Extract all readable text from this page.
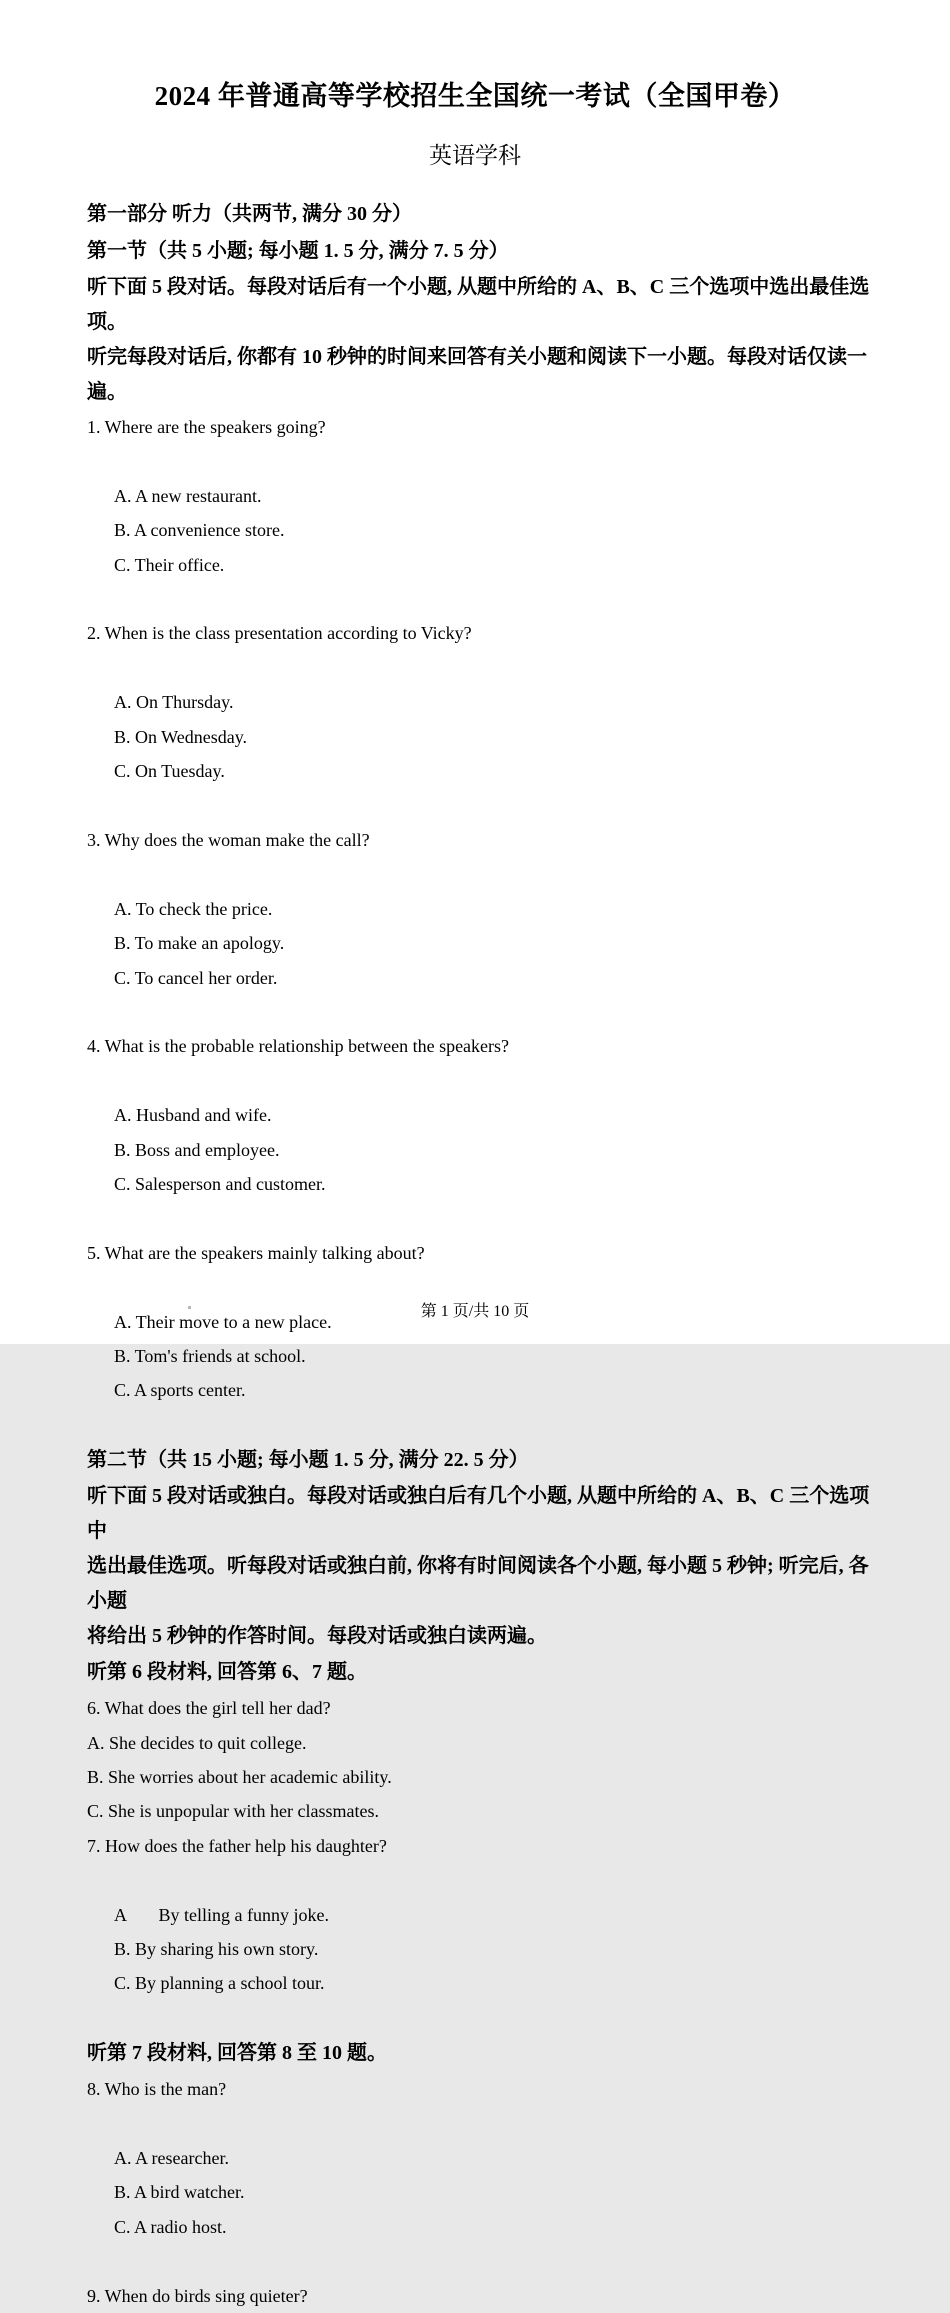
2024 年普通高等学校招生全国统一考试（全国甲卷）
英语学科
第一部分 听力（共两节, 满分 30 分）
第一节（共 5 小题; 每小题 1. 5 分, 满分 7. 5 分）

听下面 5 段对话。每段对话后有一个小题, 从题中所给的 A、B、C 三个选项中选出最佳选项。

听完每段对话后, 你都有 10 秒钟的时间来回答有关小题和阅读下一小题。每段对话仅读一遍。

1. Where are the speakers going?

A. A new restaurant.
B. A convenience store.
C. Their office.

2. When is the class presentation according to Vicky?

A. On Thursday.
B. On Wednesday.
C. On Tuesday.

3. Why does the woman make the call?

A. To check the price.
B. To make an apology.
C. To cancel her order.

4. What is the probable relationship between the speakers?

A. Husband and wife.
B. Boss and employee.
C. Salesperson and customer.

5. What are the speakers mainly talking about?

A. Their move to a new place.
B. Tom's friends at school.
C. A sports center.

第二节（共 15 小题; 每小题 1. 5 分, 满分 22. 5 分）

听下面 5 段对话或独白。每段对话或独白后有几个小题, 从题中所给的 A、B、C 三个选项中

选出最佳选项。听每段对话或独白前, 你将有时间阅读各个小题, 每小题 5 秒钟; 听完后, 各小题

将给出 5 秒钟的作答时间。每段对话或独白读两遍。

听第 6 段材料, 回答第 6、7 题。
6. What does the girl tell her dad?
A. She decides to quit college.
B. She worries about her academic ability.
C. She is unpopular with her classmates.
7. How does the father help his daughter?

A       By telling a funny joke.
B. By sharing his own story.
C. By planning a school tour.

听第 7 段材料, 回答第 8 至 10 题。
8. Who is the man?

A. A researcher.
B. A bird watcher.
C. A radio host.

9. When do birds sing quieter?
第 1 页/共 10 页
